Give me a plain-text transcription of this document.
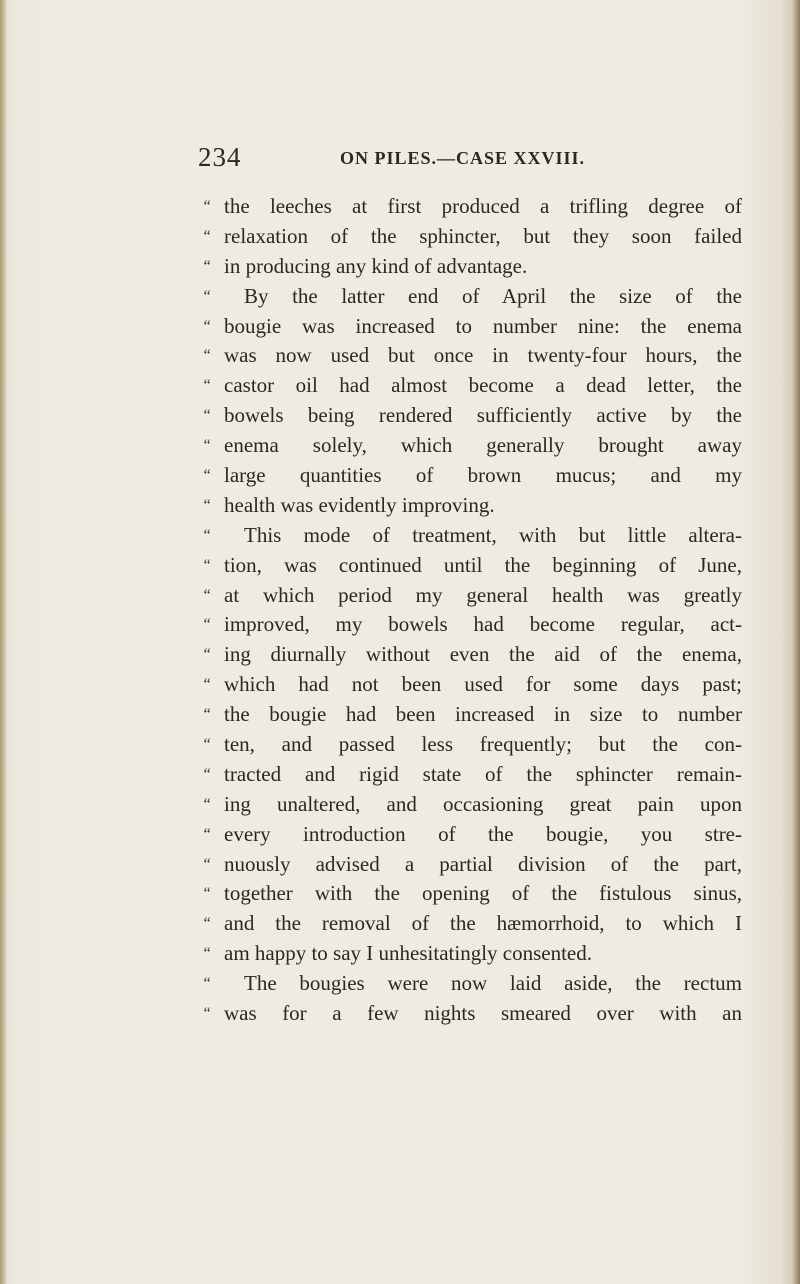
234	ON PILES.—CASE XXVIII.
“ the leeches at first produced a trifling degree of
“ relaxation of the sphincter, but they soon failed
“ in producing any kind of advantage.
“	By the latter end of April the size of the
“ bougie was increased to number nine: the enema
“ was now used but once in twenty-four hours, the
“ castor oil had almost become a dead letter, the
“ bowels being rendered sufficiently active by the
“ enema solely, which generally brought away
“ large quantities of brown mucus; and my
“ health was evidently improving.
“	This mode of treatment, with but little altera-
“ tion, was continued until the beginning of June,
“ at which period my general health was greatly
“ improved, my bowels had become regular, act-
“ ing diurnally without even the aid of the enema,
“ which had not been used for some days past;
“ the bougie had been increased in size to number
“ ten, and passed less frequently; but the con-
“ tracted and rigid state of the sphincter remain-
“ ing unaltered, and occasioning great pain upon
“ every introduction of the bougie, you stre-
“ nuously advised a partial division of the part,
“ together with the opening of the fistulous sinus,
“ and the removal of the hæmorrhoid, to which I
“ am happy to say I unhesitatingly consented.
“	The bougies were now laid aside, the rectum
“ was for a few nights smeared over with an
